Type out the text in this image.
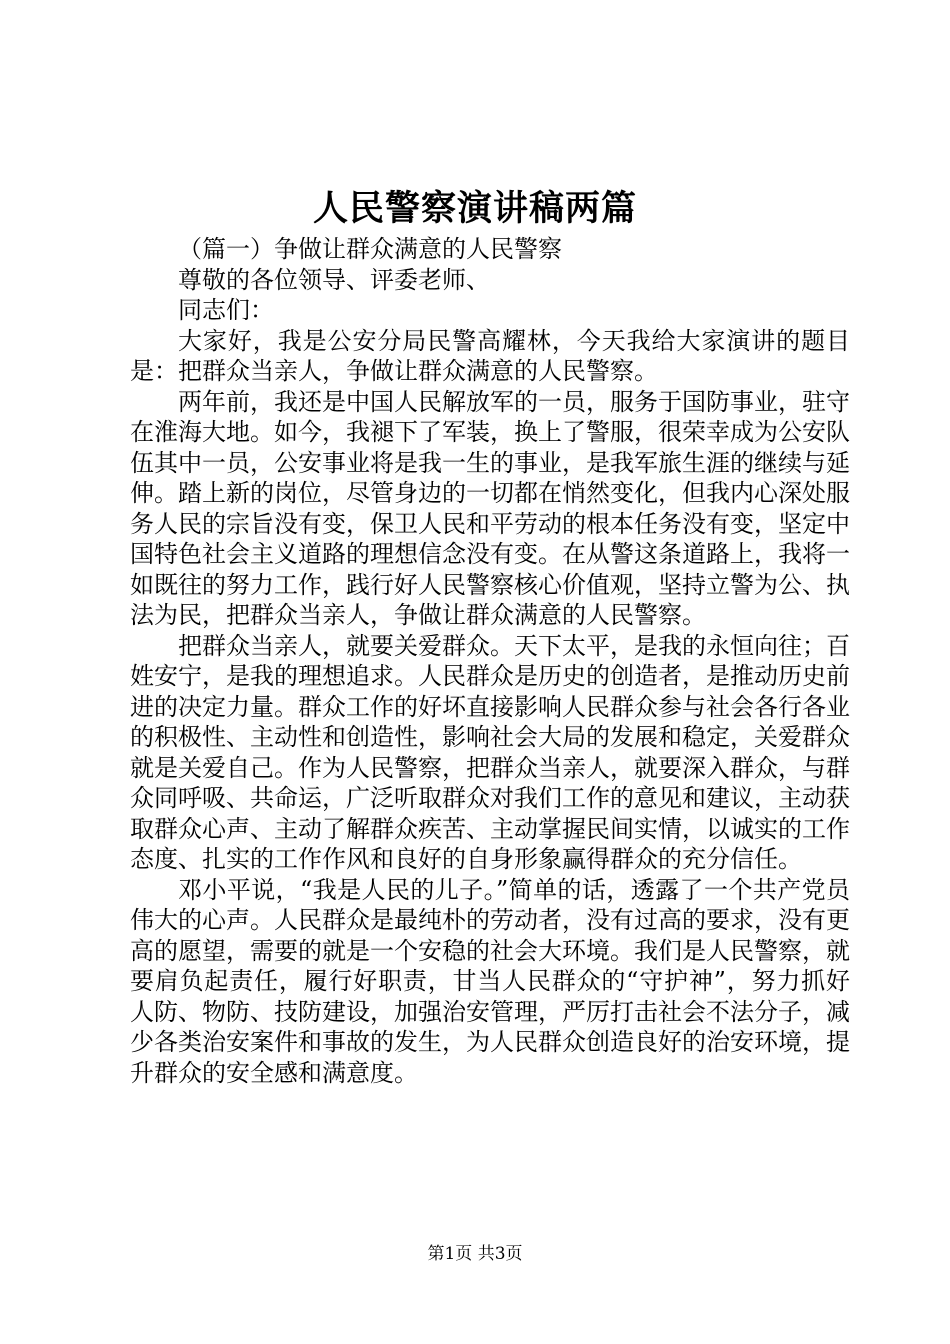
人民警察演讲稿两篇

（篇一）争做让群众满意的人民警察

尊敬的各位领导、评委老师、

同志们：

大家好，我是公安分局民警高耀林，今天我给大家演讲的题目是：把群众当亲人，争做让群众满意的人民警察。

两年前，我还是中国人民解放军的一员，服务于国防事业，驻守在淮海大地。如今，我褪下了军装，换上了警服，很荣幸成为公安队伍其中一员，公安事业将是我一生的事业，是我军旅生涯的继续与延伸。踏上新的岗位，尽管身边的一切都在悄然变化，但我内心深处服务人民的宗旨没有变，保卫人民和平劳动的根本任务没有变，坚定中国特色社会主义道路的理想信念没有变。在从警这条道路上，我将一如既往的努力工作，践行好人民警察核心价值观，坚持立警为公、执法为民，把群众当亲人，争做让群众满意的人民警察。

把群众当亲人，就要关爱群众。天下太平，是我的永恒向往；百姓安宁，是我的理想追求。人民群众是历史的创造者，是推动历史前进的决定力量。群众工作的好坏直接影响人民群众参与社会各行各业的积极性、主动性和创造性，影响社会大局的发展和稳定，关爱群众就是关爱自己。作为人民警察，把群众当亲人，就要深入群众，与群众同呼吸、共命运，广泛听取群众对我们工作的意见和建议，主动获取群众心声、主动了解群众疾苦、主动掌握民间实情，以诚实的工作态度、扎实的工作作风和良好的自身形象赢得群众的充分信任。

邓小平说，“我是人民的儿子。”简单的话，透露了一个共产党员伟大的心声。人民群众是最纯朴的劳动者，没有过高的要求，没有更高的愿望，需要的就是一个安稳的社会大环境。我们是人民警察，就要肩负起责任，履行好职责，甘当人民群众的“守护神”，努力抓好人防、物防、技防建设，加强治安管理，严厉打击社会不法分子，减少各类治安案件和事故的发生，为人民群众创造良好的治安环境，提升群众的安全感和满意度。

第1页 共3页
